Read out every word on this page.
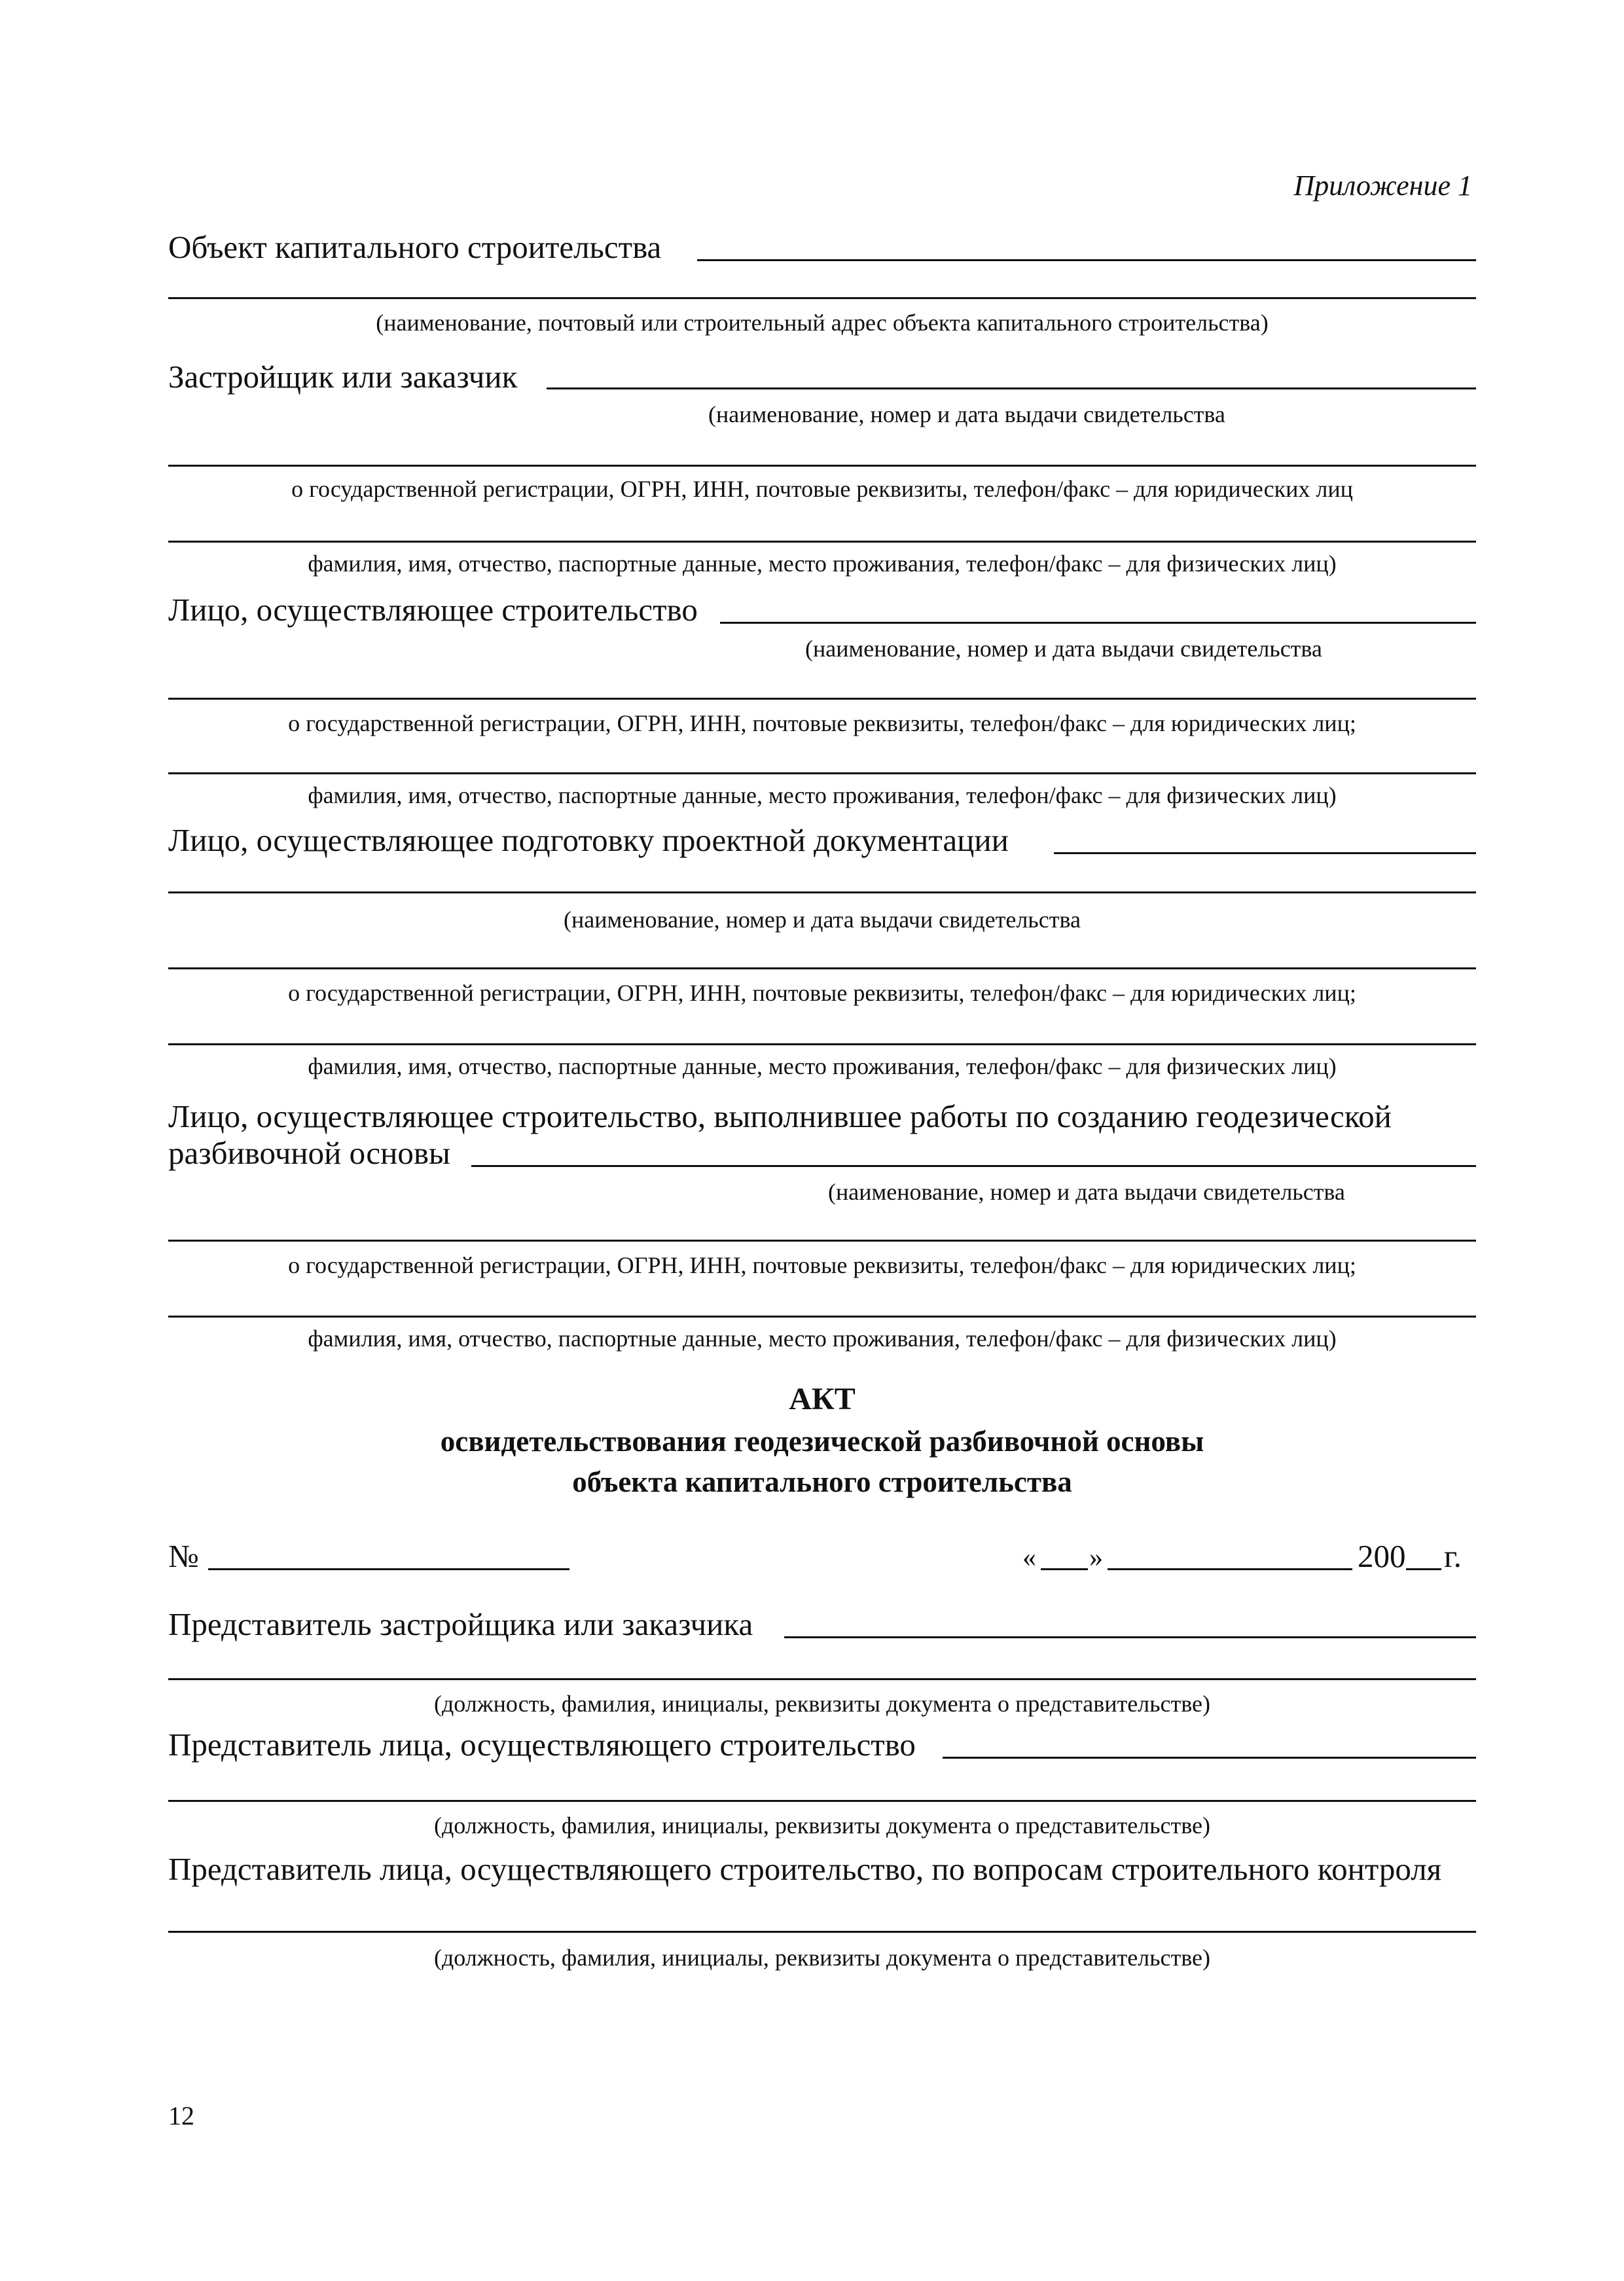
Приложение 1
Объект капитального строительства
(наименование, почтовый или строительный адрес объекта капитального строительства)
Застройщик или заказчик
(наименование, номер и дата выдачи свидетельства
о государственной регистрации, ОГРН, ИНН, почтовые реквизиты, телефон/факс – для юридических лиц
фамилия, имя, отчество, паспортные данные, место проживания, телефон/факс – для физических лиц)
Лицо, осуществляющее строительство
(наименование, номер и дата выдачи свидетельства
о государственной регистрации, ОГРН, ИНН, почтовые реквизиты, телефон/факс – для юридических лиц;
фамилия, имя, отчество, паспортные данные, место проживания, телефон/факс – для физических лиц)
Лицо, осуществляющее подготовку проектной документации
(наименование, номер и дата выдачи свидетельства
о государственной регистрации, ОГРН, ИНН, почтовые реквизиты, телефон/факс – для юридических лиц;
фамилия, имя, отчество, паспортные данные, место проживания, телефон/факс – для физических лиц)
Лицо, осуществляющее строительство, выполнившее работы по созданию геодезической
разбивочной основы
(наименование, номер и дата выдачи свидетельства
о государственной регистрации, ОГРН, ИНН, почтовые реквизиты, телефон/факс – для юридических лиц;
фамилия, имя, отчество, паспортные данные, место проживания, телефон/факс – для физических лиц)
АКТ
освидетельствования геодезической разбивочной основы
объекта капитального строительства
№	« »	200 г.
Представитель застройщика или заказчика
(должность, фамилия, инициалы, реквизиты документа о представительстве)
Представитель лица, осуществляющего строительство
(должность, фамилия, инициалы, реквизиты документа о представительстве)
Представитель лица, осуществляющего строительство, по вопросам строительного контроля
(должность, фамилия, инициалы, реквизиты документа о представительстве)
12
